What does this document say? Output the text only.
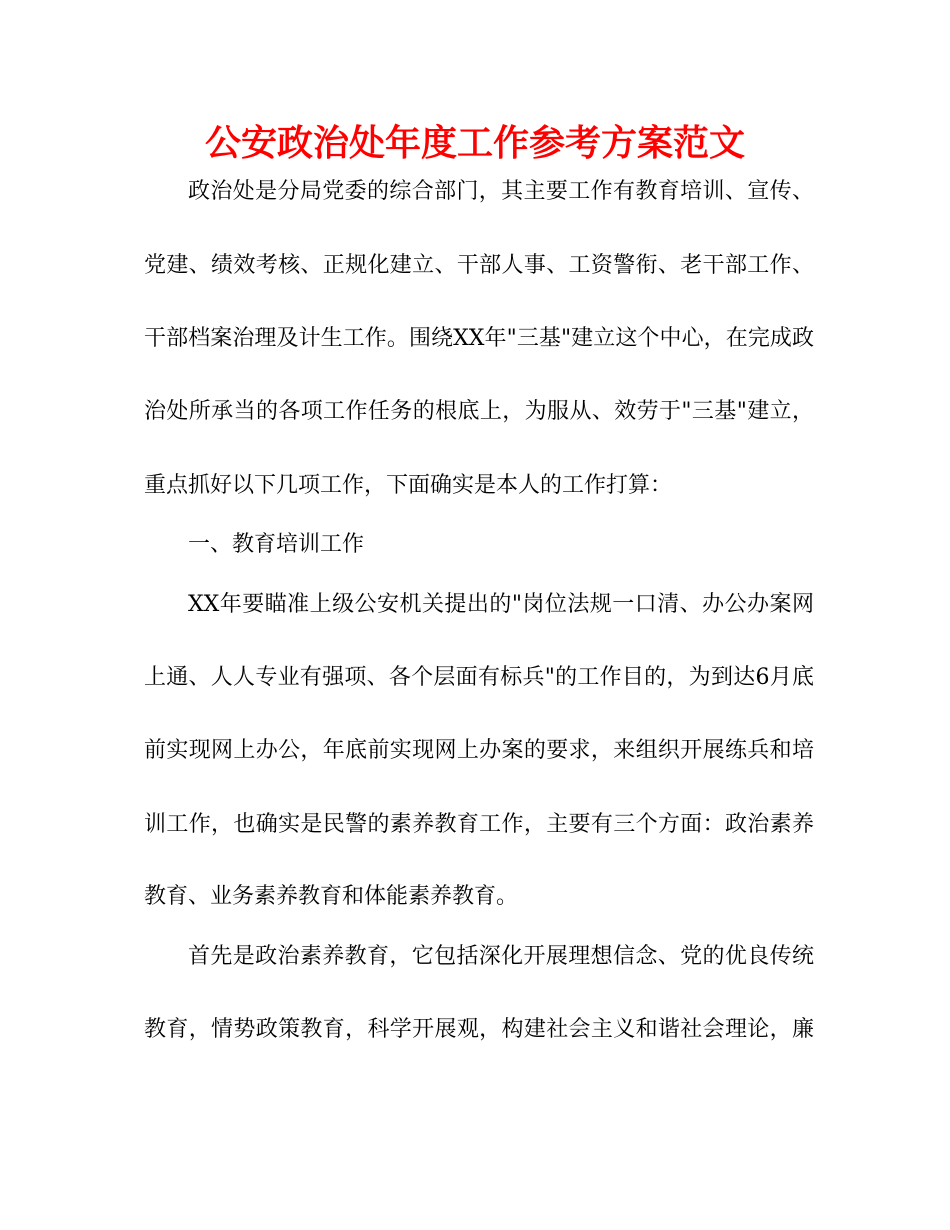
公安政治处年度工作参考方案范文

政治处是分局党委的综合部门，其主要工作有教育培训、宣传、

党建、绩效考核、正规化建立、干部人事、工资警衔、老干部工作、

干部档案治理及计生工作。围绕XX年"三基"建立这个中心，在完成政

治处所承当的各项工作任务的根底上，为服从、效劳于"三基"建立，

重点抓好以下几项工作，下面确实是本人的工作打算：

一、教育培训工作

XX年要瞄准上级公安机关提出的"岗位法规一口清、办公办案网

上通、人人专业有强项、各个层面有标兵"的工作目的，为到达6月底

前实现网上办公，年底前实现网上办案的要求，来组织开展练兵和培

训工作，也确实是民警的素养教育工作，主要有三个方面：政治素养

教育、业务素养教育和体能素养教育。

首先是政治素养教育，它包括深化开展理想信念、党的优良传统

教育，情势政策教育，科学开展观，构建社会主义和谐社会理论，廉
